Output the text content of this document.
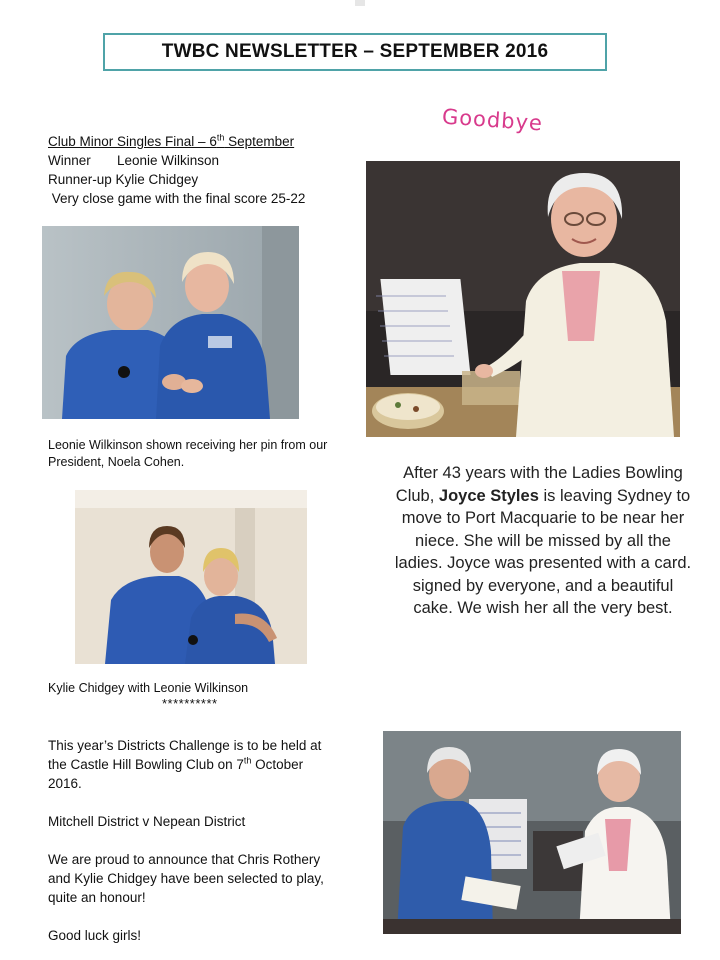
TWBC NEWSLETTER – SEPTEMBER 2016
Club Minor Singles Final – 6th September
Winner       Leonie Wilkinson
Runner-up Kylie Chidgey
Very close game with the final score 25-22
Leonie Wilkinson shown receiving her pin from our President, Noela Cohen.
Kylie Chidgey with Leonie Wilkinson
**********
This year’s Districts Challenge is to be held at the Castle Hill Bowling Club on 7th October 2016.
Mitchell District v Nepean District
We are proud to announce that Chris Rothery and Kylie Chidgey have been selected to play, quite an honour!
Good luck girls!
Goodbye
After 43 years with the Ladies Bowling Club, Joyce Styles is leaving Sydney to move to Port Macquarie to be near her niece. She will be missed by all the ladies. Joyce was presented with a card. signed by everyone, and a beautiful cake. We wish her all the very best.
